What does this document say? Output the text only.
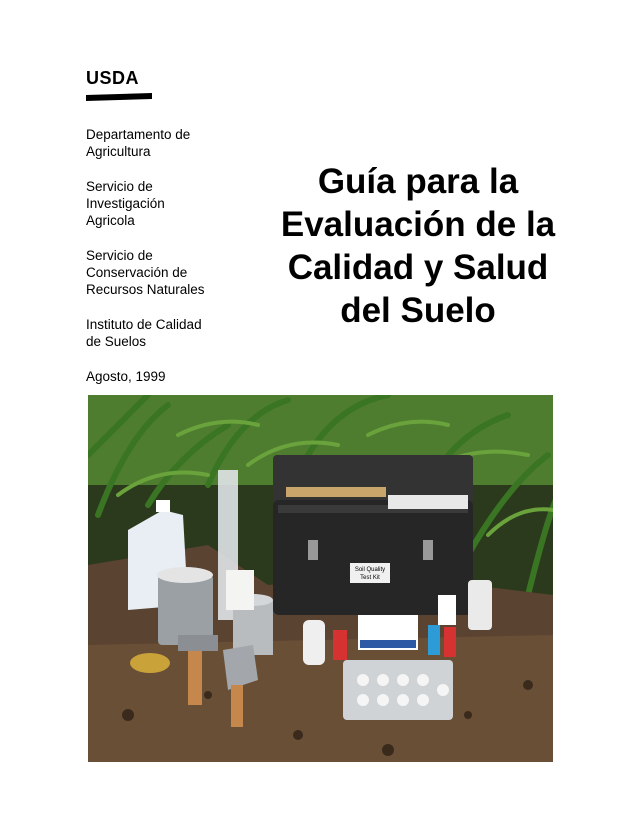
USDA
Departamento de
Agricultura
Servicio de
Investigación
Agricola
Servicio de
Conservación de
Recursos Naturales
Instituto de Calidad
de Suelos
Agosto, 1999
Guía para la
Evaluación de la
Calidad y Salud
del Suelo
Soil Quality
Test Kit
